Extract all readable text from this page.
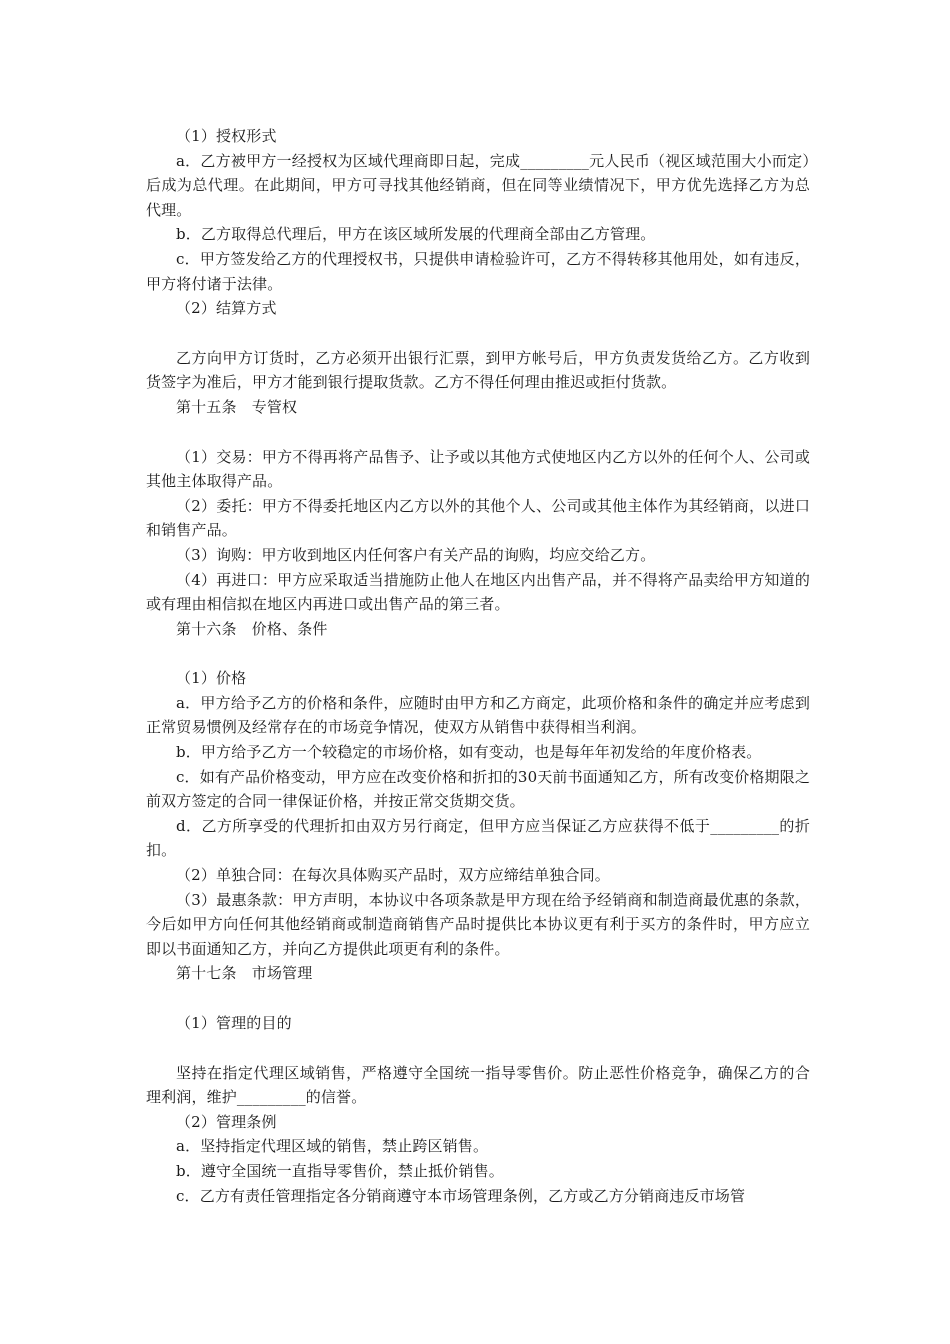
（1）授权形式

a．乙方被甲方一经授权为区域代理商即日起，完成_________元人民币（视区域范围大小而定）后成为总代理。在此期间，甲方可寻找其他经销商，但在同等业绩情况下，甲方优先选择乙方为总代理。

b．乙方取得总代理后，甲方在该区域所发展的代理商全部由乙方管理。

c．甲方签发给乙方的代理授权书，只提供申请检验许可，乙方不得转移其他用处，如有违反，甲方将付诸于法律。

（2）结算方式

乙方向甲方订货时，乙方必须开出银行汇票，到甲方帐号后，甲方负责发货给乙方。乙方收到货签字为准后，甲方才能到银行提取货款。乙方不得任何理由推迟或拒付货款。

第十五条　专管权

（1）交易：甲方不得再将产品售予、让予或以其他方式使地区内乙方以外的任何个人、公司或其他主体取得产品。

（2）委托：甲方不得委托地区内乙方以外的其他个人、公司或其他主体作为其经销商，以进口和销售产品。

（3）询购：甲方收到地区内任何客户有关产品的询购，均应交给乙方。

（4）再进口：甲方应采取适当措施防止他人在地区内出售产品，并不得将产品卖给甲方知道的或有理由相信拟在地区内再进口或出售产品的第三者。

第十六条　价格、条件

（1）价格

a．甲方给予乙方的价格和条件，应随时由甲方和乙方商定，此项价格和条件的确定并应考虑到正常贸易惯例及经常存在的市场竞争情况，使双方从销售中获得相当利润。

b．甲方给予乙方一个较稳定的市场价格，如有变动，也是每年年初发给的年度价格表。

c．如有产品价格变动，甲方应在改变价格和折扣的30天前书面通知乙方，所有改变价格期限之前双方签定的合同一律保证价格，并按正常交货期交货。

d．乙方所享受的代理折扣由双方另行商定，但甲方应当保证乙方应获得不低于_________的折扣。

（2）单独合同：在每次具体购买产品时，双方应缔结单独合同。

（3）最惠条款：甲方声明，本协议中各项条款是甲方现在给予经销商和制造商最优惠的条款，今后如甲方向任何其他经销商或制造商销售产品时提供比本协议更有利于买方的条件时，甲方应立即以书面通知乙方，并向乙方提供此项更有利的条件。

第十七条　市场管理

（1）管理的目的

坚持在指定代理区域销售，严格遵守全国统一指导零售价。防止恶性价格竞争，确保乙方的合理利润，维护_________的信誉。

（2）管理条例

a．坚持指定代理区域的销售，禁止跨区销售。

b．遵守全国统一直指导零售价，禁止抵价销售。

c．乙方有责任管理指定各分销商遵守本市场管理条例，乙方或乙方分销商违反市场管
